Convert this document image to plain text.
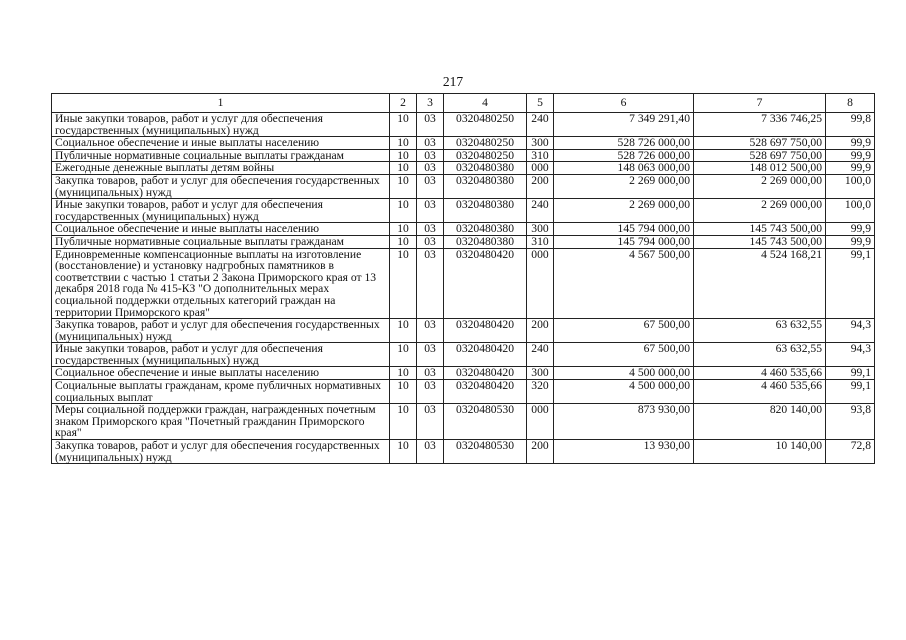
217
1	2	3	4	5	6	7	8
Иные закупки товаров, работ и услуг для обеспечения государственных (муниципальных) нужд	10	03	0320480250	240	7 349 291,40	7 336 746,25	99,8
Социальное обеспечение и иные выплаты населению	10	03	0320480250	300	528 726 000,00	528 697 750,00	99,9
Публичные нормативные социальные выплаты гражданам	10	03	0320480250	310	528 726 000,00	528 697 750,00	99,9
Ежегодные денежные выплаты детям войны	10	03	0320480380	000	148 063 000,00	148 012 500,00	99,9
Закупка товаров, работ и услуг для обеспечения государственных (муниципальных) нужд	10	03	0320480380	200	2 269 000,00	2 269 000,00	100,0
Иные закупки товаров, работ и услуг для обеспечения государственных (муниципальных) нужд	10	03	0320480380	240	2 269 000,00	2 269 000,00	100,0
Социальное обеспечение и иные выплаты населению	10	03	0320480380	300	145 794 000,00	145 743 500,00	99,9
Публичные нормативные социальные выплаты гражданам	10	03	0320480380	310	145 794 000,00	145 743 500,00	99,9
Единовременные компенсационные выплаты на изготовление (восстановление) и установку надгробных памятников в соответствии с частью 1 статьи 2 Закона Приморского края от 13 декабря 2018 года № 415-КЗ "О дополнительных мерах социальной поддержки отдельных категорий граждан на территории Приморского края"	10	03	0320480420	000	4 567 500,00	4 524 168,21	99,1
Закупка товаров, работ и услуг для обеспечения государственных (муниципальных) нужд	10	03	0320480420	200	67 500,00	63 632,55	94,3
Иные закупки товаров, работ и услуг для обеспечения государственных (муниципальных) нужд	10	03	0320480420	240	67 500,00	63 632,55	94,3
Социальное обеспечение и иные выплаты населению	10	03	0320480420	300	4 500 000,00	4 460 535,66	99,1
Социальные выплаты гражданам, кроме публичных нормативных социальных выплат	10	03	0320480420	320	4 500 000,00	4 460 535,66	99,1
Меры социальной поддержки граждан, награжденных почетным знаком Приморского края "Почетный гражданин Приморского края"	10	03	0320480530	000	873 930,00	820 140,00	93,8
Закупка товаров, работ и услуг для обеспечения государственных (муниципальных) нужд	10	03	0320480530	200	13 930,00	10 140,00	72,8
